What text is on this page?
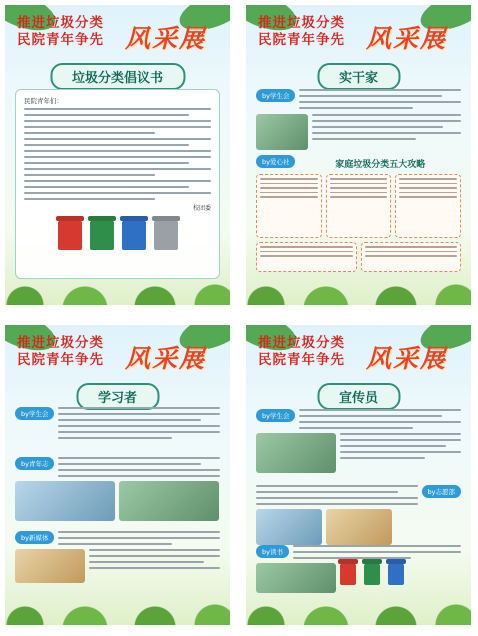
推进垃圾分类
民院青年争先 风采展
垃圾分类倡议书
民院青年们：
校团委
推进垃圾分类
民院青年争先 风采展
实干家
by学生会
by爱心社	家庭垃圾分类五大攻略
推进垃圾分类
民院青年争先 风采展
学习者
by学生会
by青年志
by新媒体
推进垃圾分类
民院青年争先 风采展
宣传员
by学生会
by志愿部
by读书
